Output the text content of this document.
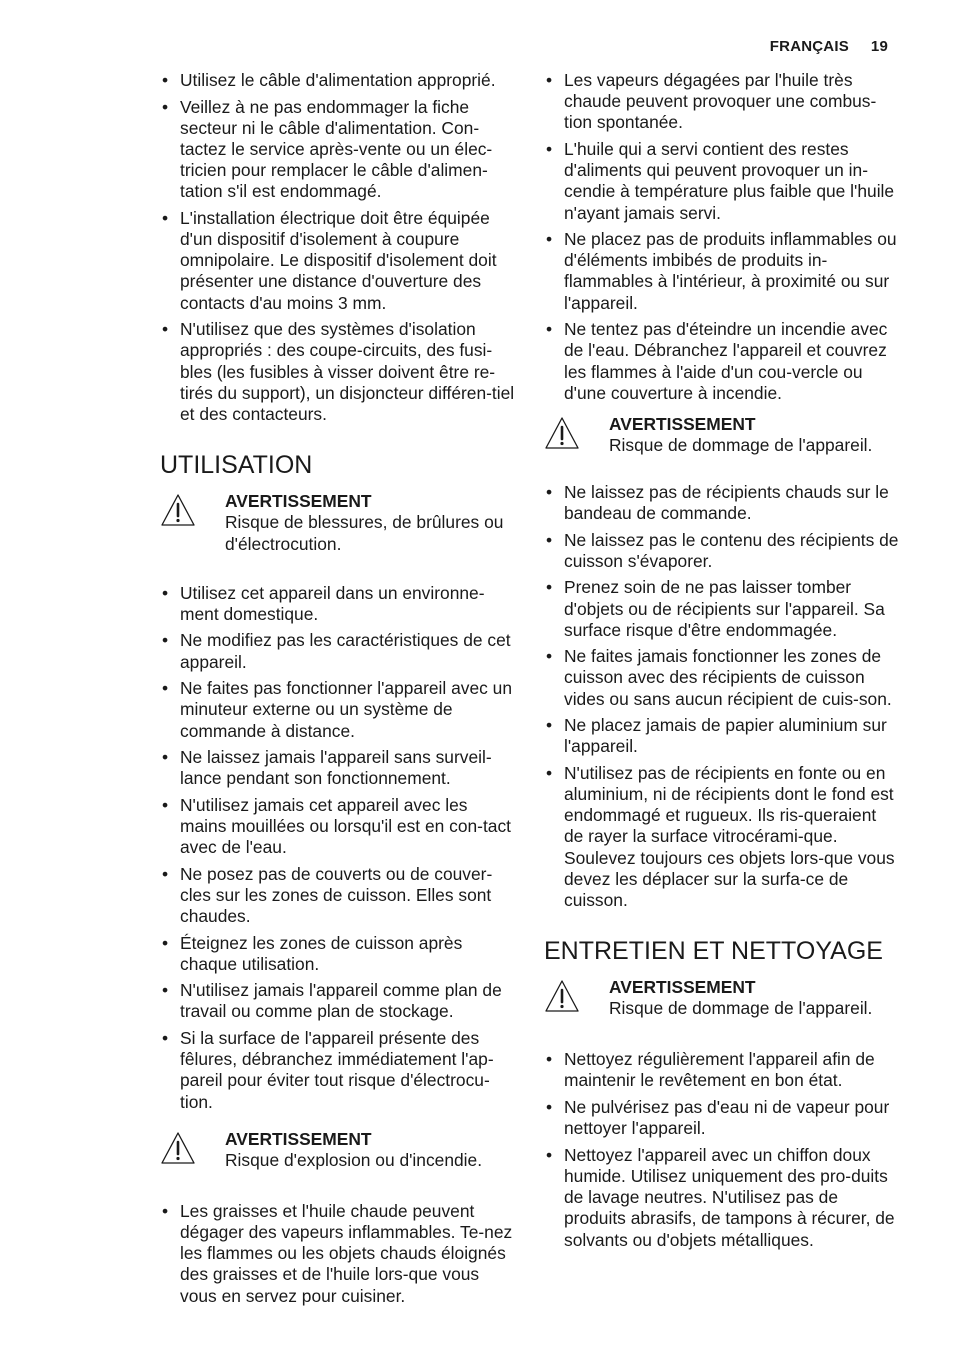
FRANÇAIS 19
• Utilisez le câble d'alimentation approprié.
• Veillez à ne pas endommager la fiche secteur ni le câble d'alimentation. Con-tactez le service après-vente ou un élec-tricien pour remplacer le câble d'alimen-tation s'il est endommagé.
• L'installation électrique doit être équipée d'un dispositif d'isolement à coupure omnipolaire. Le dispositif d'isolement doit présenter une distance d'ouverture des contacts d'au moins 3 mm.
• N'utilisez que des systèmes d'isolation appropriés : des coupe-circuits, des fusi-bles (les fusibles à visser doivent être re-tirés du support), un disjoncteur différen-tiel et des contacteurs.
UTILISATION
AVERTISSEMENT
Risque de blessures, de brûlures ou d'électrocution.
• Utilisez cet appareil dans un environne-ment domestique.
• Ne modifiez pas les caractéristiques de cet appareil.
• Ne faites pas fonctionner l'appareil avec un minuteur externe ou un système de commande à distance.
• Ne laissez jamais l'appareil sans surveil-lance pendant son fonctionnement.
• N'utilisez jamais cet appareil avec les mains mouillées ou lorsqu'il est en con-tact avec de l'eau.
• Ne posez pas de couverts ou de couver-cles sur les zones de cuisson. Elles sont chaudes.
• Éteignez les zones de cuisson après chaque utilisation.
• N'utilisez jamais l'appareil comme plan de travail ou comme plan de stockage.
• Si la surface de l'appareil présente des fêlures, débranchez immédiatement l'ap-pareil pour éviter tout risque d'électrocu-tion.
AVERTISSEMENT
Risque d'explosion ou d'incendie.
• Les graisses et l'huile chaude peuvent dégager des vapeurs inflammables. Te-nez les flammes ou les objets chauds éloignés des graisses et de l'huile lors-que vous vous en servez pour cuisiner.
• Les vapeurs dégagées par l'huile très chaude peuvent provoquer une combus-tion spontanée.
• L'huile qui a servi contient des restes d'aliments qui peuvent provoquer un in-cendie à température plus faible que l'huile n'ayant jamais servi.
• Ne placez pas de produits inflammables ou d'éléments imbibés de produits in-flammables à l'intérieur, à proximité ou sur l'appareil.
• Ne tentez pas d'éteindre un incendie avec de l'eau. Débranchez l'appareil et couvrez les flammes à l'aide d'un cou-vercle ou d'une couverture à incendie.
AVERTISSEMENT
Risque de dommage de l'appareil.
• Ne laissez pas de récipients chauds sur le bandeau de commande.
• Ne laissez pas le contenu des récipients de cuisson s'évaporer.
• Prenez soin de ne pas laisser tomber d'objets ou de récipients sur l'appareil. Sa surface risque d'être endommagée.
• Ne faites jamais fonctionner les zones de cuisson avec des récipients de cuisson vides ou sans aucun récipient de cuis-son.
• Ne placez jamais de papier aluminium sur l'appareil.
• N'utilisez pas de récipients en fonte ou en aluminium, ni de récipients dont le fond est endommagé et rugueux. Ils ris-queraient de rayer la surface vitrocérami-que. Soulevez toujours ces objets lors-que vous devez les déplacer sur la surfa-ce de cuisson.
ENTRETIEN ET NETTOYAGE
AVERTISSEMENT
Risque de dommage de l'appareil.
• Nettoyez régulièrement l'appareil afin de maintenir le revêtement en bon état.
• Ne pulvérisez pas d'eau ni de vapeur pour nettoyer l'appareil.
• Nettoyez l'appareil avec un chiffon doux humide. Utilisez uniquement des pro-duits de lavage neutres. N'utilisez pas de produits abrasifs, de tampons à récurer, de solvants ou d'objets métalliques.
